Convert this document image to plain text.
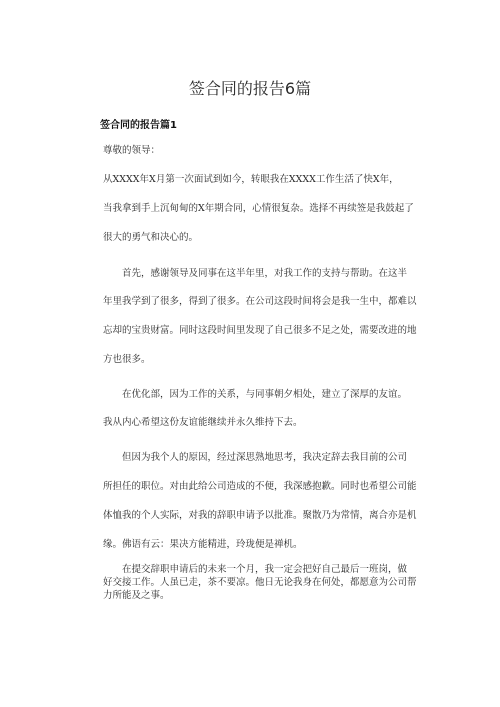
签合同的报告6篇
签合同的报告篇1
尊敬的领导：
从XXXX年X月第一次面试到如今，转眼我在XXXX工作生活了快X年，
当我拿到手上沉甸甸的X年期合同，心情很复杂。选择不再续签是我鼓起了
很大的勇气和决心的。
首先，感谢领导及同事在这半年里，对我工作的支持与帮助。在这半
年里我学到了很多，得到了很多。在公司这段时间将会是我一生中，都难以
忘却的宝贵财富。同时这段时间里发现了自己很多不足之处，需要改进的地
方也很多。
在优化部，因为工作的关系，与同事朝夕相处，建立了深厚的友谊。
我从内心希望这份友谊能继续并永久维持下去。
但因为我个人的原因，经过深思熟地思考，我决定辞去我目前的公司
所担任的职位。对由此给公司造成的不便，我深感抱歉。同时也希望公司能
体恤我的个人实际，对我的辞职申请予以批准。聚散乃为常情，离合亦是机
缘。佛语有云：果决方能精进，玲珑便是禅机。
在提交辞职申请后的未来一个月，我一定会把好自己最后一班岗，做
好交接工作。人虽已走，茶不要凉。他日无论我身在何处，都愿意为公司帮
力所能及之事。
